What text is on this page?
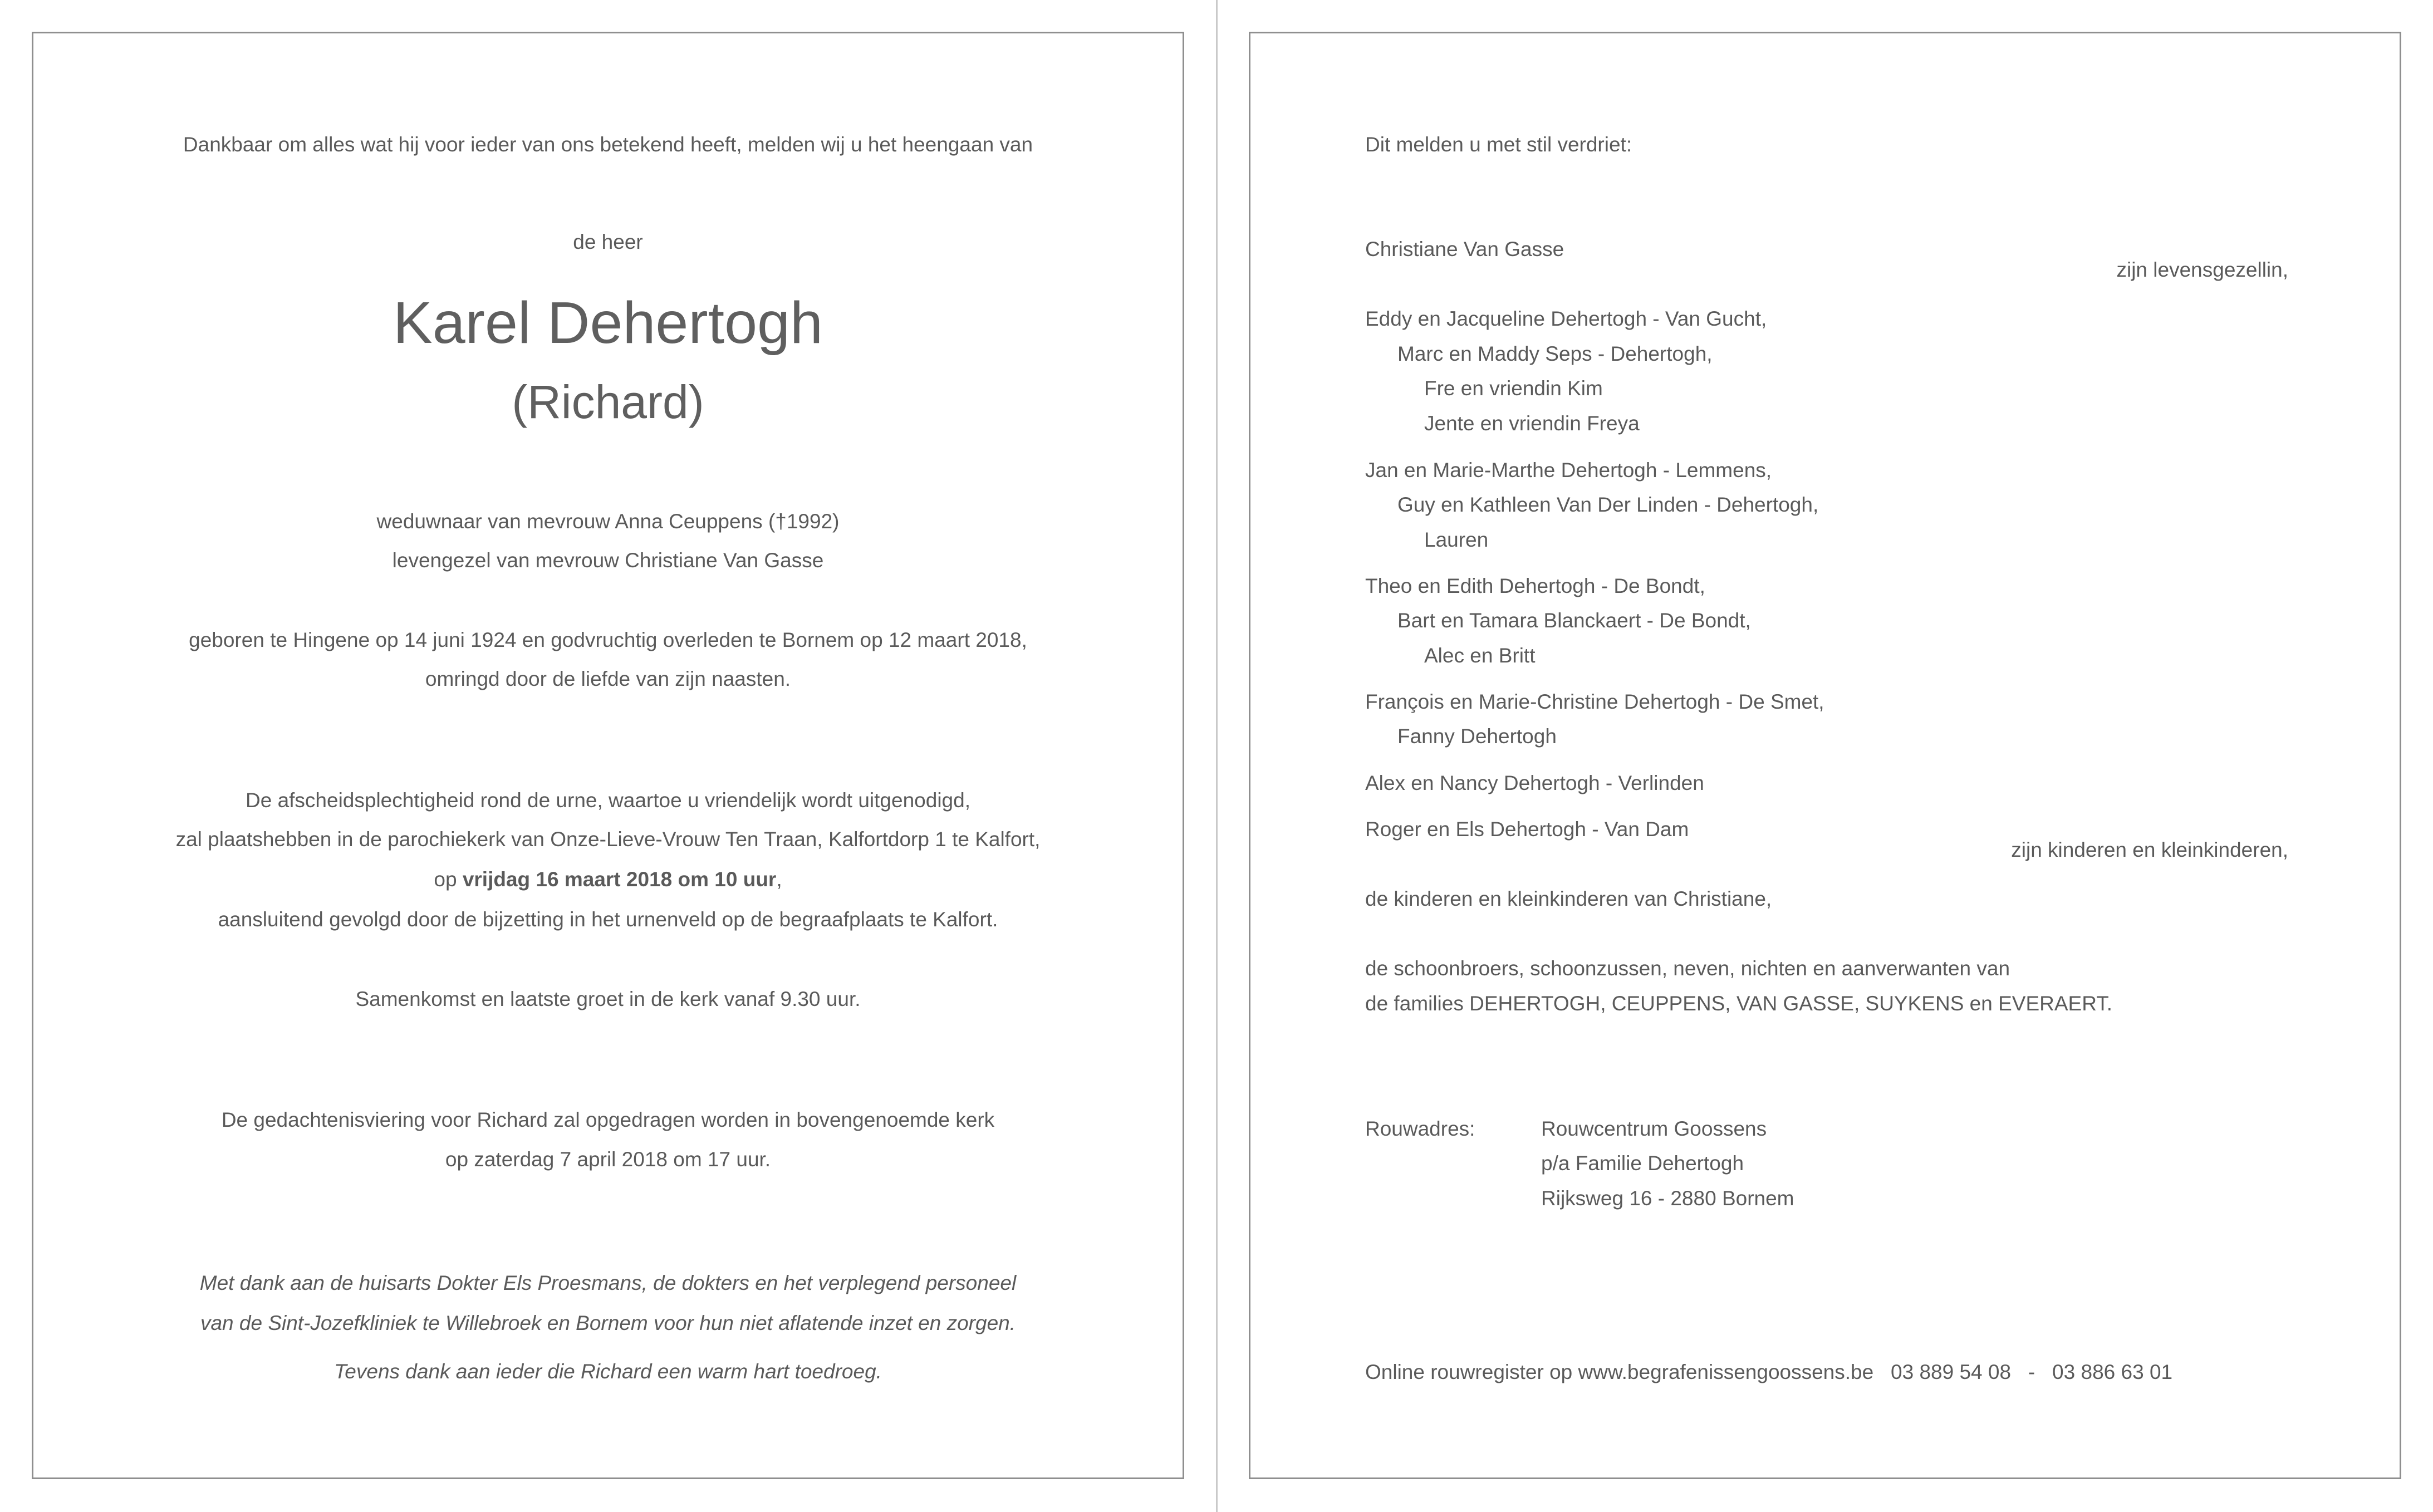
Dankbaar om alles wat hij voor ieder van ons betekend heeft, melden wij u het heengaan van

de heer

Karel Dehertogh

(Richard)

weduwnaar van mevrouw Anna Ceuppens (†1992)

levengezel van mevrouw Christiane Van Gasse

geboren te Hingene op 14 juni 1924 en godvruchtig overleden te Bornem op 12 maart 2018,

omringd door de liefde van zijn naasten.

De afscheidsplechtigheid rond de urne, waartoe u vriendelijk wordt uitgenodigd,

zal plaatshebben in de parochiekerk van Onze-Lieve-Vrouw Ten Traan, Kalfortdorp 1 te Kalfort,

op vrijdag 16 maart 2018 om 10 uur,

aansluitend gevolgd door de bijzetting in het urnenveld op de begraafplaats te Kalfort.

Samenkomst en laatste groet in de kerk vanaf 9.30 uur.

De gedachtenisviering voor Richard zal opgedragen worden in bovengenoemde kerk

op zaterdag 7 april 2018 om 17 uur.

Met dank aan de huisarts Dokter Els Proesmans, de dokters en het verplegend personeel

van de Sint-Jozefkliniek te Willebroek en Bornem voor hun niet aflatende inzet en zorgen.

Tevens dank aan ieder die Richard een warm hart toedroeg.

Dit melden u met stil verdriet:

Christiane Van Gasse

zijn levensgezellin,

Eddy en Jacqueline Dehertogh - Van Gucht,

Marc en Maddy Seps - Dehertogh,

Fre en vriendin Kim

Jente en vriendin Freya

Jan en Marie-Marthe Dehertogh - Lemmens,

Guy en Kathleen Van Der Linden - Dehertogh,

Lauren

Theo en Edith Dehertogh - De Bondt,

Bart en Tamara Blanckaert - De Bondt,

Alec en Britt

François en Marie-Christine Dehertogh - De Smet,

Fanny Dehertogh

Alex en Nancy Dehertogh - Verlinden

Roger en Els Dehertogh - Van Dam

zijn kinderen en kleinkinderen,

de kinderen en kleinkinderen van Christiane,

de schoonbroers, schoonzussen, neven, nichten en aanverwanten van

de families DEHERTOGH, CEUPPENS, VAN GASSE, SUYKENS en EVERAERT.

Rouwadres:	Rouwcentrum Goossens

p/a Familie Dehertogh

Rijksweg 16 - 2880 Bornem

Online rouwregister op www.begrafenissengoossens.be   03 889 54 08   -   03 886 63 01
